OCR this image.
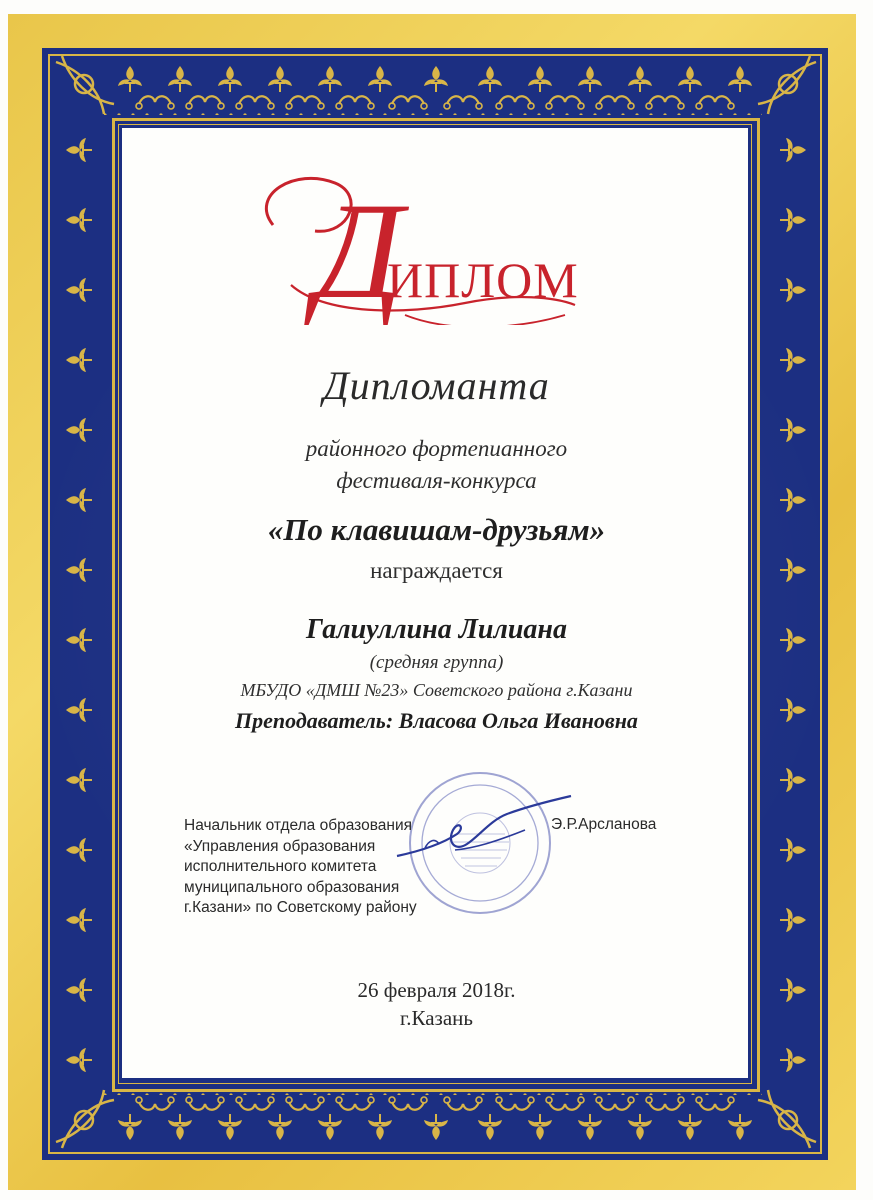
Д
ИПЛОМ
Дипломанта
районного фортепианного
фестиваля-конкурса
«По клавишам-друзьям»
награждается
Галиуллина Лилиана
(средняя группа)
МБУДО «ДМШ №23» Советского района г.Казани
Преподаватель: Власова Ольга Ивановна
Начальник отдела образования
«Управления образования
исполнительного комитета
муниципального образования
г.Казани» по Советскому району
Э.Р.Арсланова
26 февраля 2018г.
г.Казань
